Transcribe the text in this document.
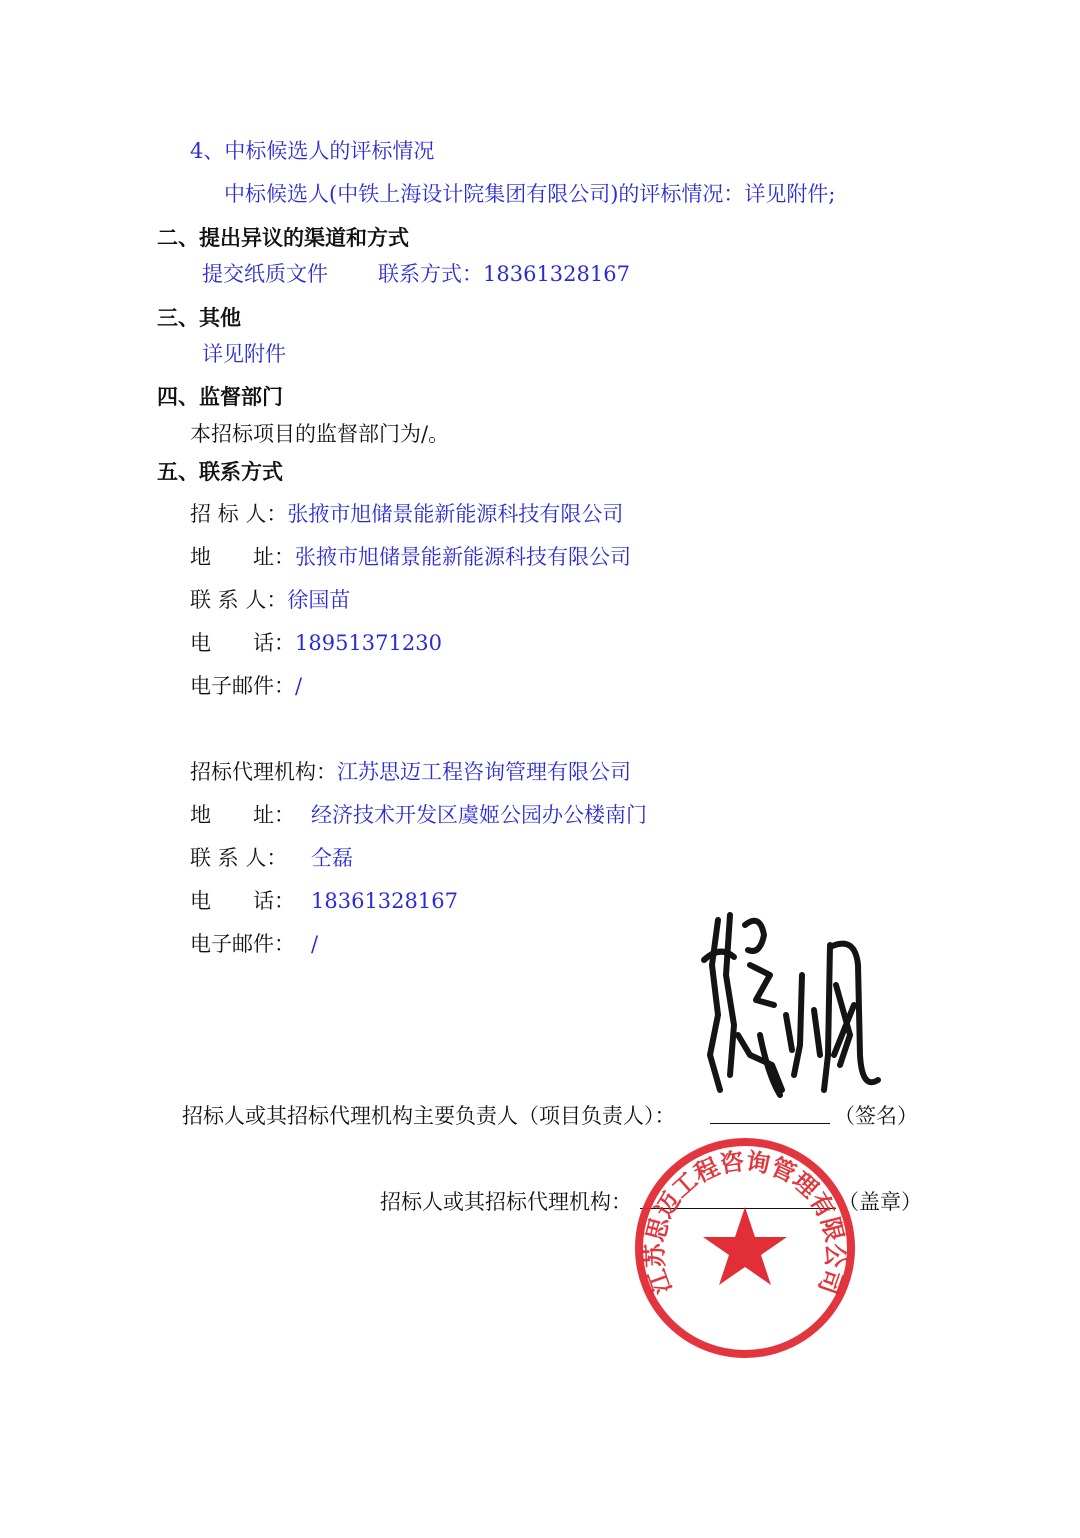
4、中标候选人的评标情况
中标候选人(中铁上海设计院集团有限公司)的评标情况：详见附件;
二、提出异议的渠道和方式
提交纸质文件 联系方式：18361328167
三、其他
详见附件
四、监督部门
本招标项目的监督部门为/。
五、联系方式
招 标 人：张掖市旭储景能新能源科技有限公司
地　　址：张掖市旭储景能新能源科技有限公司
联 系 人：徐国苗
电　　话：18951371230
电子邮件：/
招标代理机构：江苏思迈工程咨询管理有限公司
地　　址： 经济技术开发区虞姬公园办公楼南门
联 系 人： 仝磊
电　　话： 18361328167
电子邮件： /
招标人或其招标代理机构主要负责人（项目负责人）：	（签名）
招标人或其招标代理机构：	（盖章）
江苏思迈工程咨询管理有限公司
